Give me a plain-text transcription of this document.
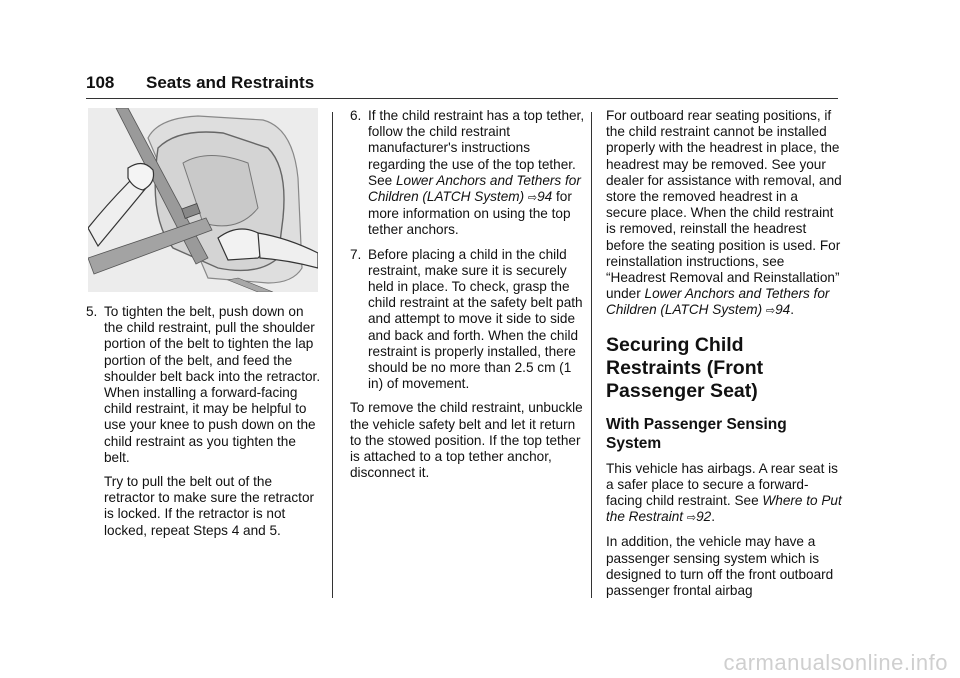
108 Seats and Restraints
5. To tighten the belt, push down on the child restraint, pull the shoulder portion of the belt to tighten the lap portion of the belt, and feed the shoulder belt back into the retractor. When installing a forward-facing child restraint, it may be helpful to use your knee to push down on the child restraint as you tighten the belt.
Try to pull the belt out of the retractor to make sure the retractor is locked. If the retractor is not locked, repeat Steps 4 and 5.
6. If the child restraint has a top tether, follow the child restraint manufacturer's instructions regarding the use of the top tether. See Lower Anchors and Tethers for Children (LATCH System) ⇨94 for more information on using the top tether anchors.
7. Before placing a child in the child restraint, make sure it is securely held in place. To check, grasp the child restraint at the safety belt path and attempt to move it side to side and back and forth. When the child restraint is properly installed, there should be no more than 2.5 cm (1 in) of movement.
To remove the child restraint, unbuckle the vehicle safety belt and let it return to the stowed position. If the top tether is attached to a top tether anchor, disconnect it.
For outboard rear seating positions, if the child restraint cannot be installed properly with the headrest in place, the headrest may be removed. See your dealer for assistance with removal, and store the removed headrest in a secure place. When the child restraint is removed, reinstall the headrest before the seating position is used. For reinstallation instructions, see “Headrest Removal and Reinstallation” under Lower Anchors and Tethers for Children (LATCH System) ⇨94.
Securing Child Restraints (Front Passenger Seat)
With Passenger Sensing System
This vehicle has airbags. A rear seat is a safer place to secure a forward-facing child restraint. See Where to Put the Restraint ⇨92.
In addition, the vehicle may have a passenger sensing system which is designed to turn off the front outboard passenger frontal airbag
carmanualsonline.info
